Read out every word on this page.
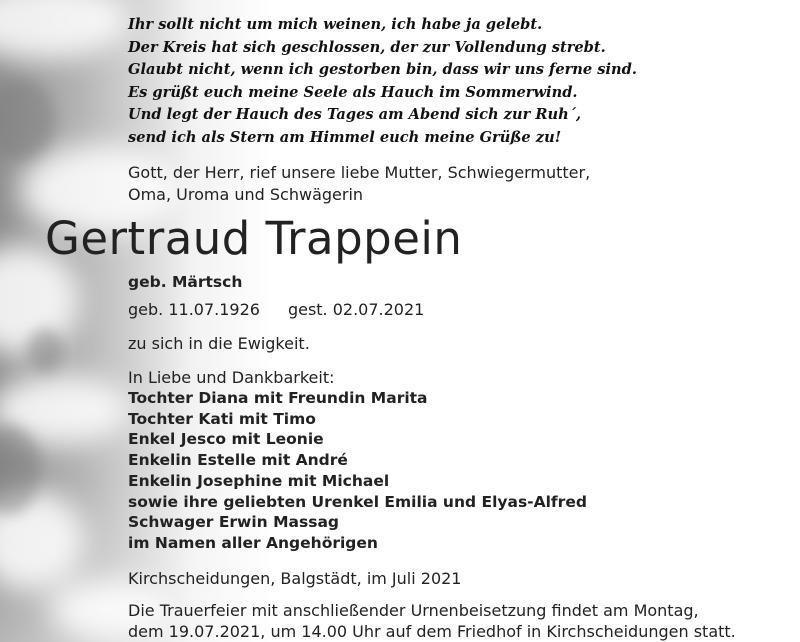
Ihr sollt nicht um mich weinen, ich habe ja gelebt.
Der Kreis hat sich geschlossen, der zur Vollendung strebt.
Glaubt nicht, wenn ich gestorben bin, dass wir uns ferne sind.
Es grüßt euch meine Seele als Hauch im Sommerwind.
Und legt der Hauch des Tages am Abend sich zur Ruh´,
send ich als Stern am Himmel euch meine Grüße zu!
Gott, der Herr, rief unsere liebe Mutter, Schwiegermutter,
Oma, Uroma und Schwägerin
Gertraud Trappein
geb. Märtsch
geb. 11.07.1926 gest. 02.07.2021
zu sich in die Ewigkeit.
In Liebe und Dankbarkeit:
Tochter Diana mit Freundin Marita
Tochter Kati mit Timo
Enkel Jesco mit Leonie
Enkelin Estelle mit André
Enkelin Josephine mit Michael
sowie ihre geliebten Urenkel Emilia und Elyas-Alfred
Schwager Erwin Massag
im Namen aller Angehörigen
Kirchscheidungen, Balgstädt, im Juli 2021
Die Trauerfeier mit anschließender Urnenbeisetzung findet am Montag,
dem 19.07.2021, um 14.00 Uhr auf dem Friedhof in Kirchscheidungen statt.
